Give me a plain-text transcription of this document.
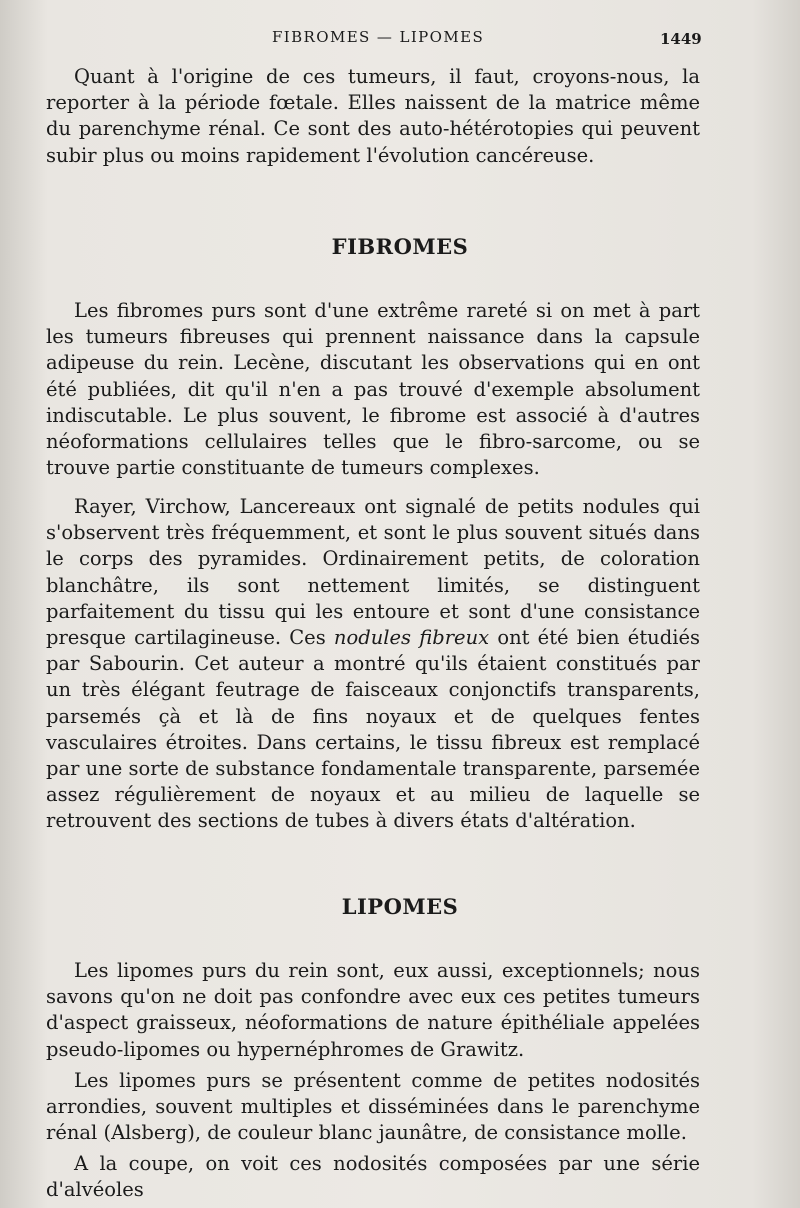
FIBROMES — LIPOMES	1449

Quant à l'origine de ces tumeurs, il faut, croyons-nous, la reporter à la période fœtale. Elles naissent de la matrice même du parenchyme rénal. Ce sont des auto-hétérotopies qui peuvent subir plus ou moins rapidement l'évolution cancéreuse.

FIBROMES

Les fibromes purs sont d'une extrême rareté si on met à part les tumeurs fibreuses qui prennent naissance dans la capsule adipeuse du rein. Lecène, discutant les observations qui en ont été publiées, dit qu'il n'en a pas trouvé d'exemple absolument indiscutable. Le plus souvent, le fibrome est associé à d'autres néoformations cellulaires telles que le fibro-sarcome, ou se trouve partie constituante de tumeurs complexes.

Rayer, Virchow, Lancereaux ont signalé de petits nodules qui s'observent très fréquemment, et sont le plus souvent situés dans le corps des pyramides. Ordinairement petits, de coloration blanchâtre, ils sont nettement limités, se distinguent parfaitement du tissu qui les entoure et sont d'une consistance presque cartilagineuse. Ces nodules fibreux ont été bien étudiés par Sabourin. Cet auteur a montré qu'ils étaient constitués par un très élégant feutrage de faisceaux conjonctifs transparents, parsemés çà et là de fins noyaux et de quelques fentes vasculaires étroites. Dans certains, le tissu fibreux est remplacé par une sorte de substance fondamentale transparente, parsemée assez régulièrement de noyaux et au milieu de laquelle se retrouvent des sections de tubes à divers états d'altération.

LIPOMES

Les lipomes purs du rein sont, eux aussi, exceptionnels; nous savons qu'on ne doit pas confondre avec eux ces petites tumeurs d'aspect graisseux, néoformations de nature épithéliale appelées pseudo-lipomes ou hypernéphromes de Grawitz.

Les lipomes purs se présentent comme de petites nodosités arrondies, souvent multiples et disséminées dans le parenchyme rénal (Alsberg), de couleur blanc jaunâtre, de consistance molle.

A la coupe, on voit ces nodosités composées par une série d'alvéoles
